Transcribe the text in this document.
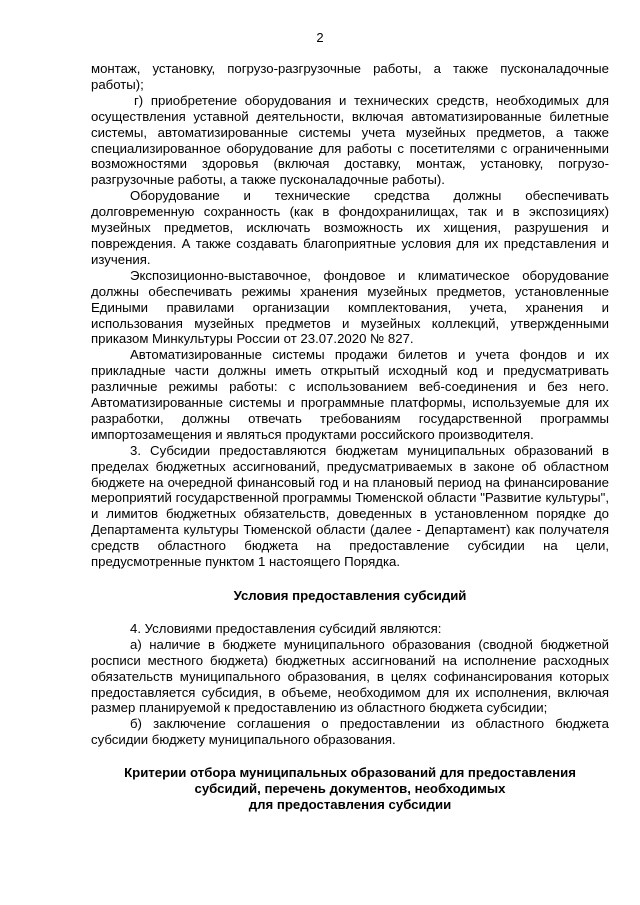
2

монтаж, установку, погрузо-разгрузочные работы, а также пусконаладочные работы);

г) приобретение оборудования и технических средств, необходимых для осуществления уставной деятельности, включая автоматизированные билетные системы, автоматизированные системы учета музейных предметов, а также специализированное оборудование для работы с посетителями с ограниченными возможностями здоровья (включая доставку, монтаж, установку, погрузо-разгрузочные работы, а также пусконаладочные работы).

Оборудование и технические средства должны обеспечивать долговременную сохранность (как в фондохранилищах, так и в экспозициях) музейных предметов, исключать возможность их хищения, разрушения и повреждения. А также создавать благоприятные условия для их представления и изучения.

Экспозиционно-выставочное, фондовое и климатическое оборудование должны обеспечивать режимы хранения музейных предметов, установленные Едиными правилами организации комплектования, учета, хранения и использования музейных предметов и музейных коллекций, утвержденными приказом Минкультуры России от 23.07.2020 № 827.

Автоматизированные системы продажи билетов и учета фондов и их прикладные части должны иметь открытый исходный код и предусматривать различные режимы работы: с использованием веб-соединения и без него. Автоматизированные системы и программные платформы, используемые для их разработки, должны отвечать требованиям государственной программы импортозамещения и являться продуктами российского производителя.

3. Субсидии предоставляются бюджетам муниципальных образований в пределах бюджетных ассигнований, предусматриваемых в законе об областном бюджете на очередной финансовый год и на плановый период на финансирование мероприятий государственной программы Тюменской области "Развитие культуры", и лимитов бюджетных обязательств, доведенных в установленном порядке до Департамента культуры Тюменской области (далее - Департамент) как получателя средств областного бюджета на предоставление субсидии на цели, предусмотренные пунктом 1 настоящего Порядка.

Условия предоставления субсидий

4. Условиями предоставления субсидий являются:

а) наличие в бюджете муниципального образования (сводной бюджетной росписи местного бюджета) бюджетных ассигнований на исполнение расходных обязательств муниципального образования, в целях софинансирования которых предоставляется субсидия, в объеме, необходимом для их исполнения, включая размер планируемой к предоставлению из областного бюджета субсидии;

б) заключение соглашения о предоставлении из областного бюджета субсидии бюджету муниципального образования.

Критерии отбора муниципальных образований для предоставления
субсидий, перечень документов, необходимых
для предоставления субсидии
